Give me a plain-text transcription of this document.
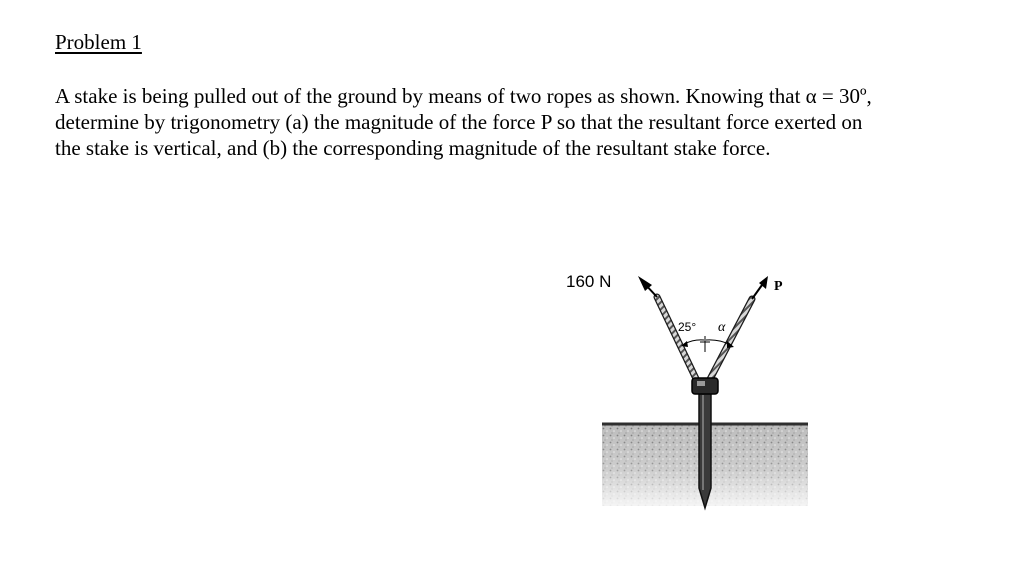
Problem 1

A stake is being pulled out of the ground by means of two ropes as shown. Knowing that α = 30º,
determine by trigonometry (a) the magnitude of the force P so that the resultant force exerted on
the stake is vertical, and (b) the corresponding magnitude of the resultant stake force.

160 N	P
25° α
